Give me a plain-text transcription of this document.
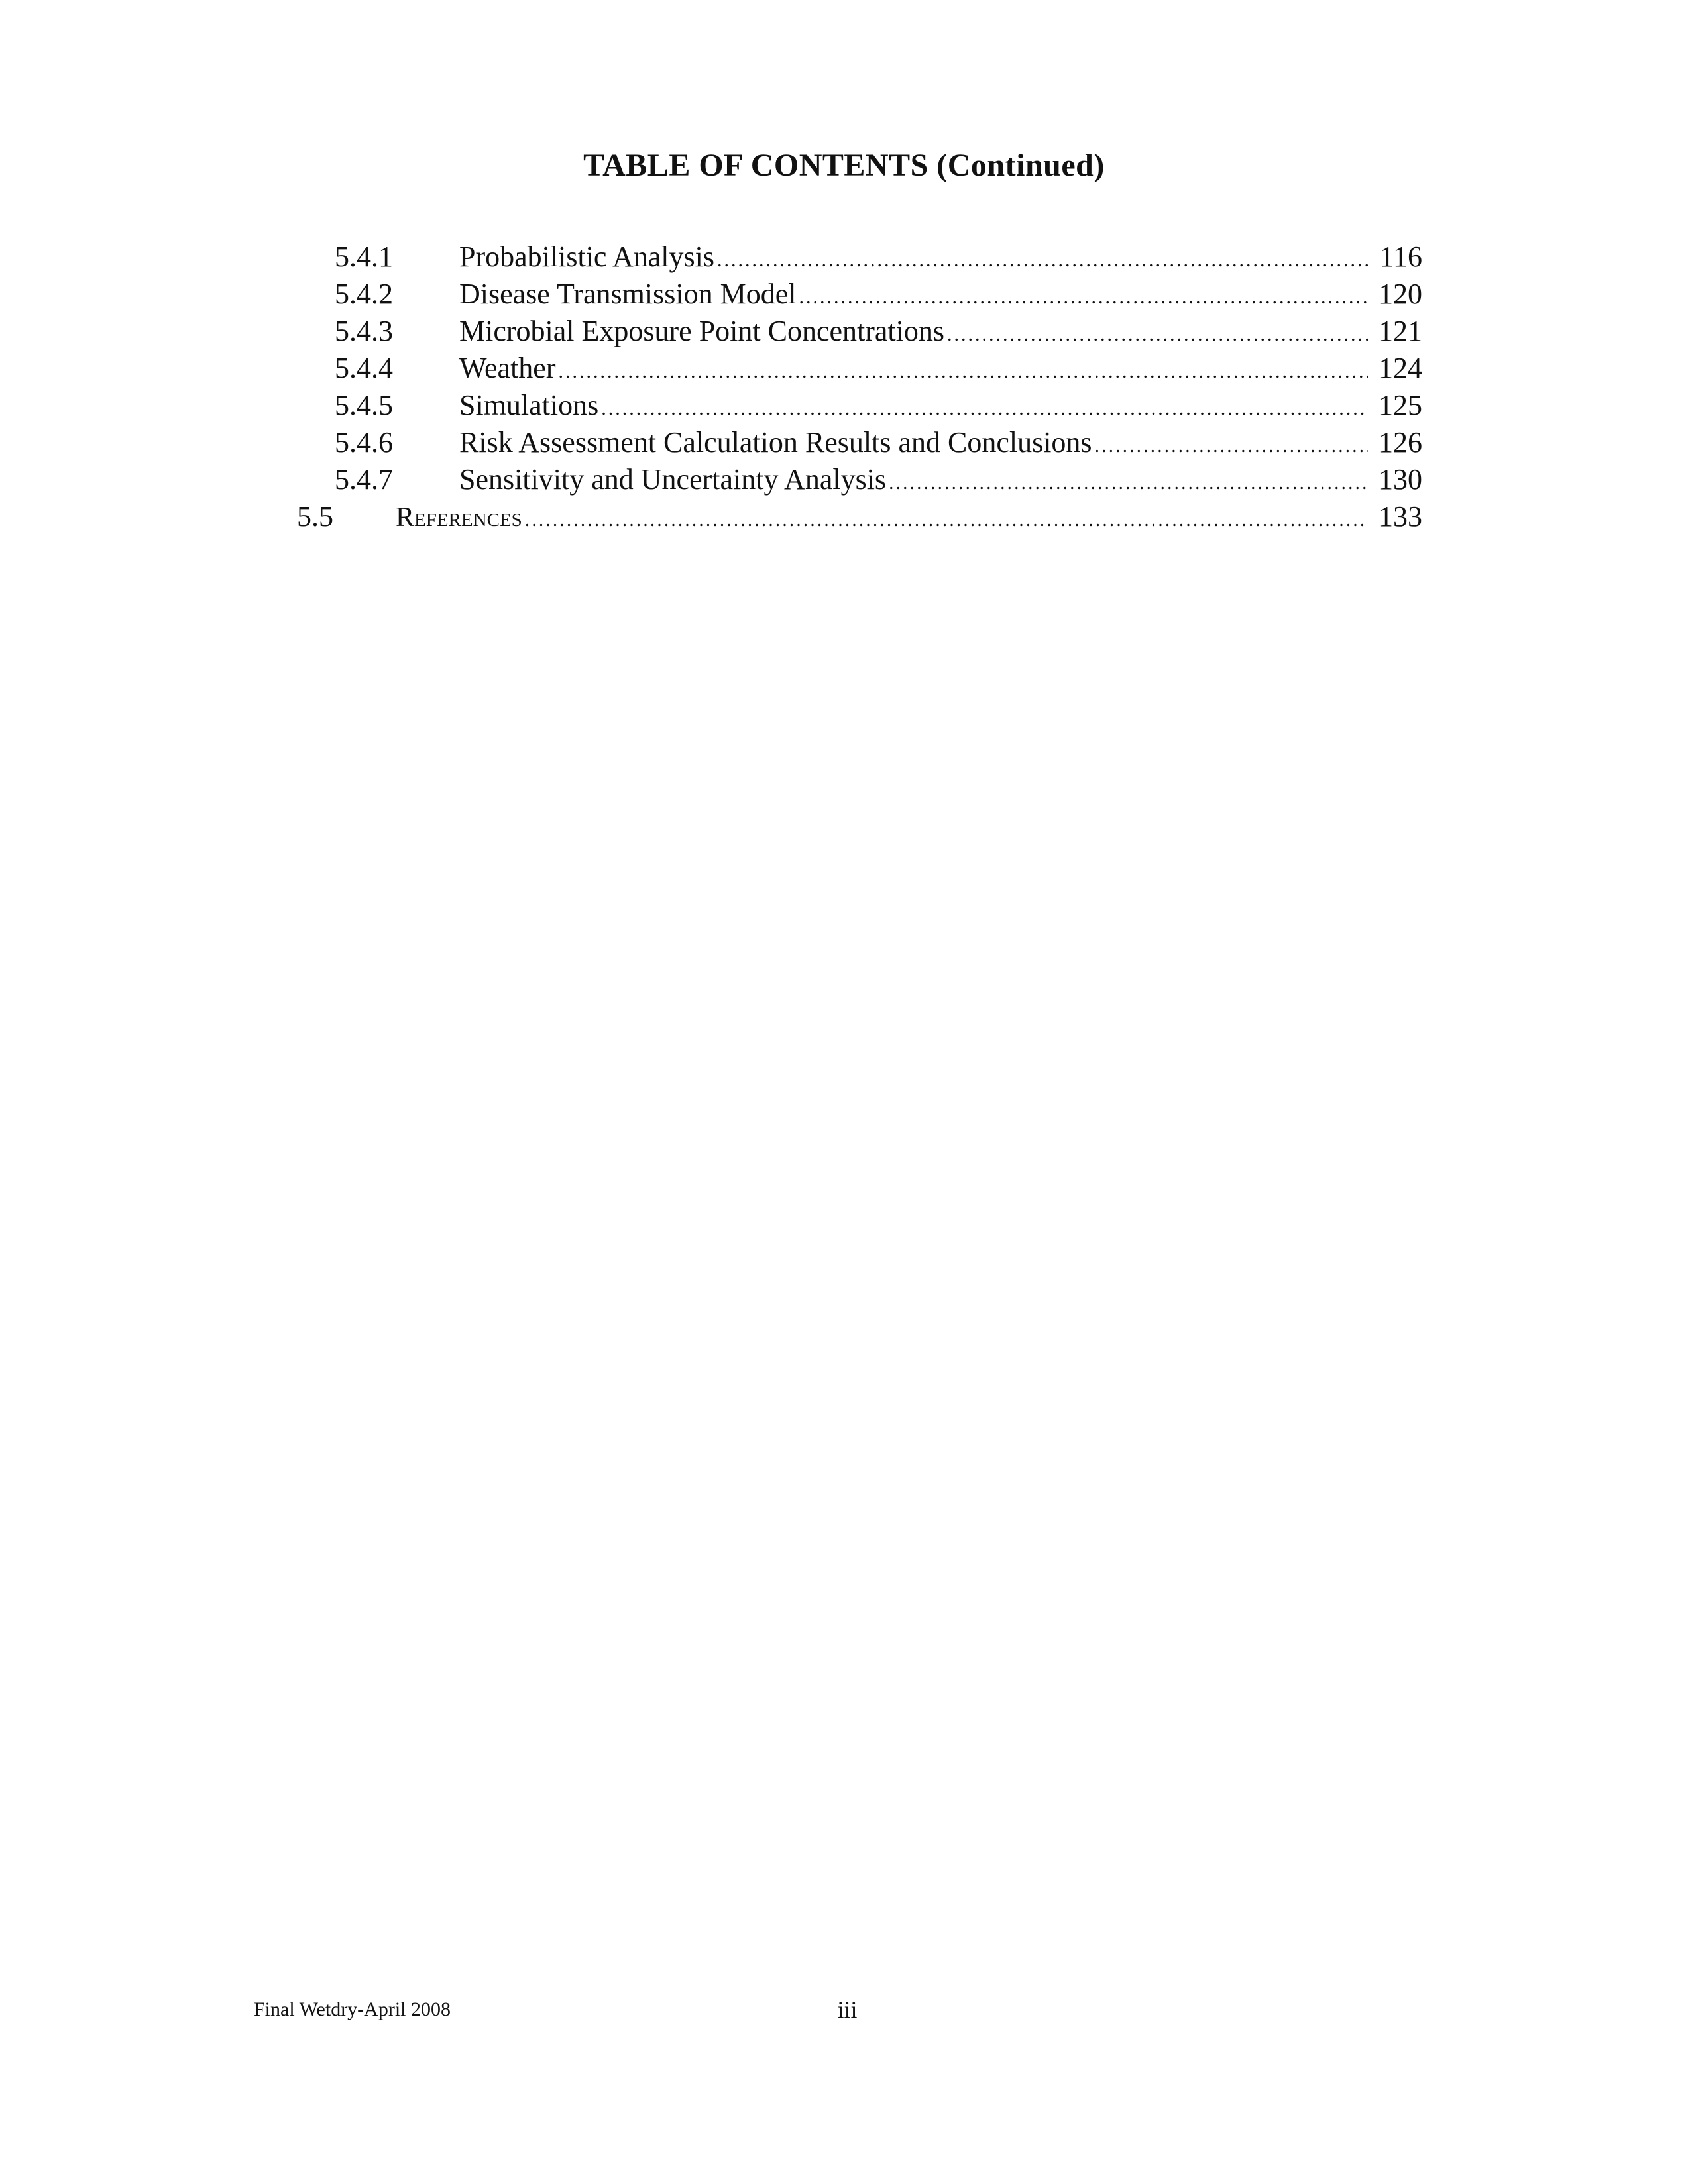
TABLE OF CONTENTS (Continued)
5.4.1 Probabilistic Analysis .....	116
5.4.2 Disease Transmission Model .....	120
5.4.3 Microbial Exposure Point Concentrations .....	121
5.4.4 Weather .....	124
5.4.5 Simulations .....	125
5.4.6 Risk Assessment Calculation Results and Conclusions .....	126
5.4.7 Sensitivity and Uncertainty Analysis .....	130
5.5 References .....	133
Final Wetdry-April 2008	iii
